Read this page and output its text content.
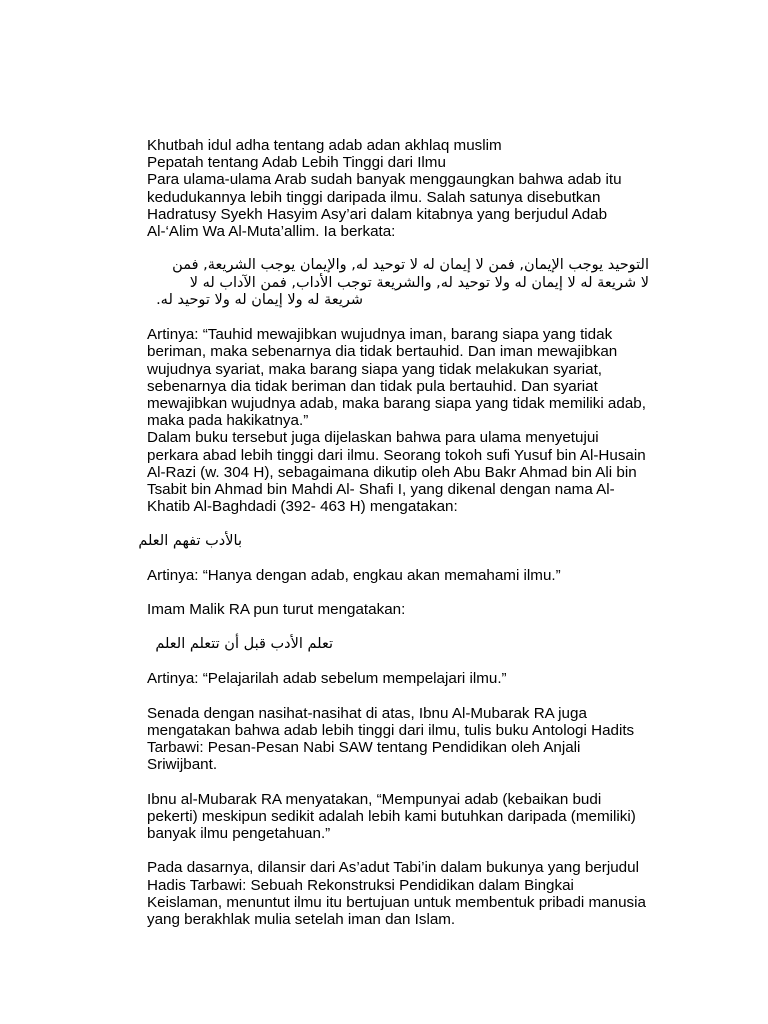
Khutbah idul adha tentang adab adan akhlaq muslim
Pepatah tentang Adab Lebih Tinggi dari Ilmu
Para ulama-ulama Arab sudah banyak menggaungkan bahwa adab itu
kedudukannya lebih tinggi daripada ilmu. Salah satunya disebutkan
Hadratusy Syekh Hasyim Asy’ari dalam kitabnya yang berjudul Adab
Al-‘Alim Wa Al-Muta’allim. Ia berkata:
التوحيد يوجب الإيمان, فمن لا إيمان له لا توحيد له, والإيمان يوجب الشريعة, فمن
لا شريعة له لا إيمان له ولا توحيد له, والشريعة توجب الأداب, فمن الآداب له لا
شريعة له ولا إيمان له ولا توحيد له.
Artinya: “Tauhid mewajibkan wujudnya iman, barang siapa yang tidak
beriman, maka sebenarnya dia tidak bertauhid. Dan iman mewajibkan
wujudnya syariat, maka barang siapa yang tidak melakukan syariat,
sebenarnya dia tidak beriman dan tidak pula bertauhid. Dan syariat
mewajibkan wujudnya adab, maka barang siapa yang tidak memiliki adab,
maka pada hakikatnya.”
Dalam buku tersebut juga dijelaskan bahwa para ulama menyetujui
perkara abad lebih tinggi dari ilmu. Seorang tokoh sufi Yusuf bin Al-Husain
Al-Razi (w. 304 H), sebagaimana dikutip oleh Abu Bakr Ahmad bin Ali bin
Tsabit bin Ahmad bin Mahdi Al- Shafi I, yang dikenal dengan nama Al-
Khatib Al-Baghdadi (392- 463 H) mengatakan:
بالأدب تفهم العلم
Artinya: “Hanya dengan adab, engkau akan memahami ilmu.”
Imam Malik RA pun turut mengatakan:
تعلم الأدب قبل أن تتعلم العلم
Artinya: “Pelajarilah adab sebelum mempelajari ilmu.”
Senada dengan nasihat-nasihat di atas, Ibnu Al-Mubarak RA juga
mengatakan bahwa adab lebih tinggi dari ilmu, tulis buku Antologi Hadits
Tarbawi: Pesan-Pesan Nabi SAW tentang Pendidikan oleh Anjali
Sriwijbant.
Ibnu al-Mubarak RA menyatakan, “Mempunyai adab (kebaikan budi
pekerti) meskipun sedikit adalah lebih kami butuhkan daripada (memiliki)
banyak ilmu pengetahuan.”
Pada dasarnya, dilansir dari As’adut Tabi’in dalam bukunya yang berjudul
Hadis Tarbawi: Sebuah Rekonstruksi Pendidikan dalam Bingkai
Keislaman, menuntut ilmu itu bertujuan untuk membentuk pribadi manusia
yang berakhlak mulia setelah iman dan Islam.
